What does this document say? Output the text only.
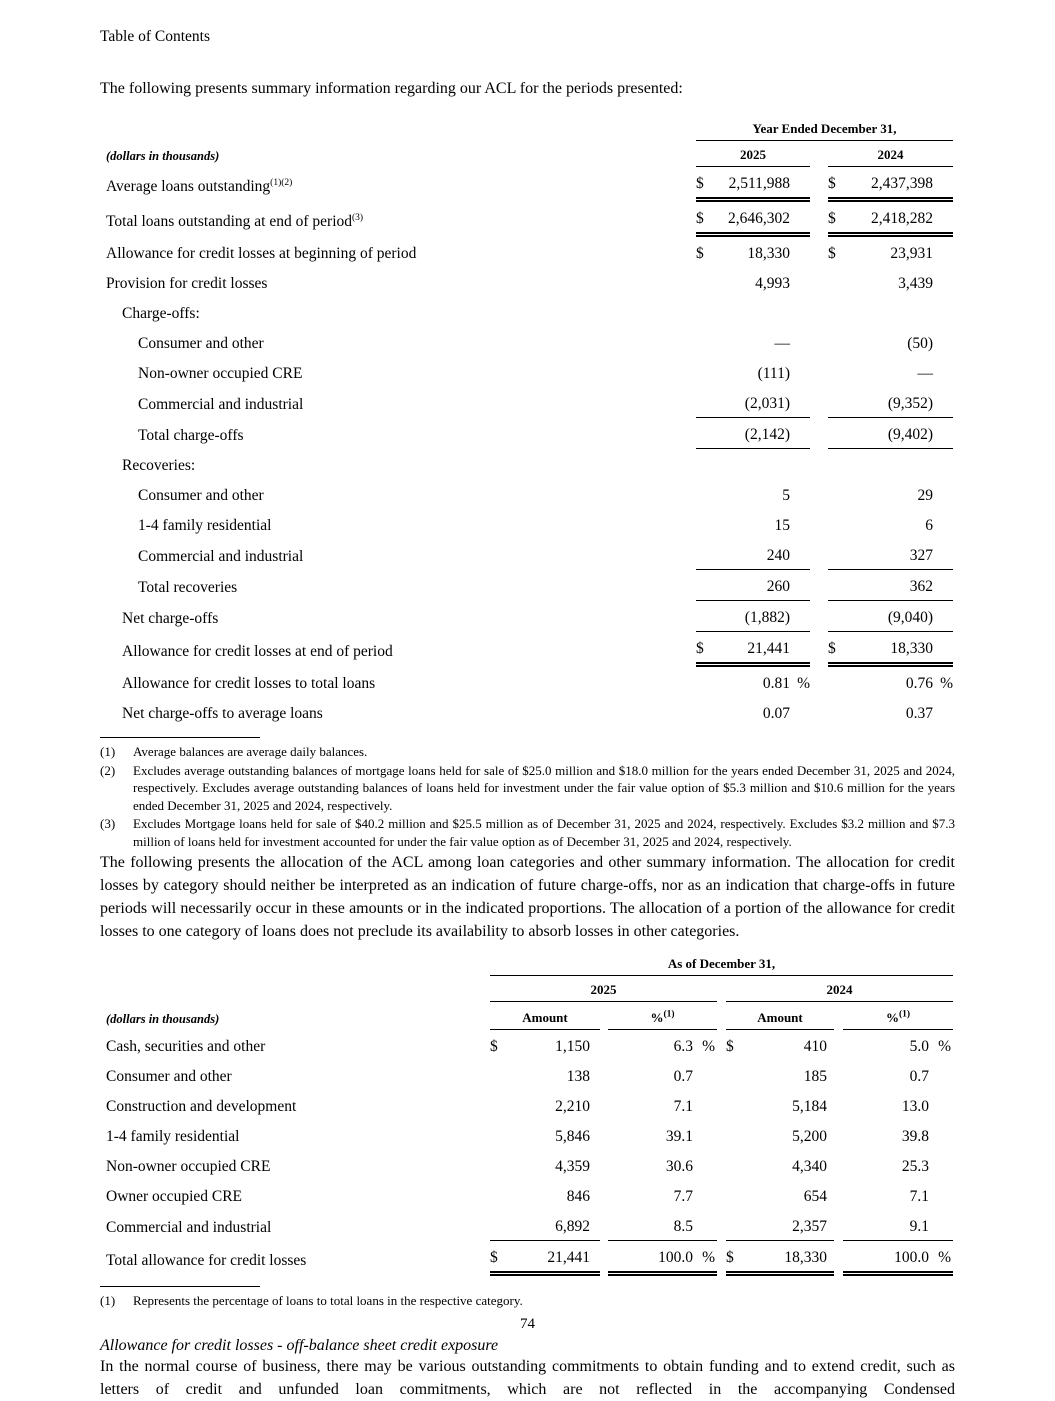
Table of Contents

The following presents summary information regarding our ACL for the periods presented:

	Year Ended December 31,				
(dollars in thousands)	2025			2024	
Average loans outstanding$^{(1)(2)}$	$	2,511,988		$	2,437,398
Total loans outstanding at end of period$^{(3)}$	$	2,646,302		$	2,418,282
Allowance for credit losses at beginning of period	$	18,330		$	23,931
Provision for credit losses		4,993			3,439
Charge-offs:					
Consumer and other		—			(50)
Non-owner occupied CRE		(111)			—
Commercial and industrial		(2,031)			(9,352)
Total charge-offs		(2,142)			(9,402)
Recoveries:					
Consumer and other		5			29
1-4 family residential		15			6
Commercial and industrial		240			327
Total recoveries		260			362
Net charge-offs		(1,882)			(9,040)
Allowance for credit losses at end of period	$	21,441		$	18,330
Allowance for credit losses to total loans		0.81 %			0.76 %
Net charge-offs to average loans		0.07			0.37
(1)	Average balances are average daily balances.
(2)	Excludes average outstanding balances of mortgage loans held for sale of $25.0 million and $18.0 million for the years ended December 31, 2025 and 2024, respectively. Excludes average outstanding balances of loans held for investment under the fair value option of $5.3 million and $10.6 million for the years ended December 31, 2025 and 2024, respectively.
(3)	Excludes Mortgage loans held for sale of $40.2 million and $25.5 million as of December 31, 2025 and 2024, respectively. Excludes $3.2 million and $7.3 million of loans held for investment accounted for under the fair value option as of December 31, 2025 and 2024, respectively.

The following presents the allocation of the ACL among loan categories and other summary information. The allocation for credit losses by category should neither be interpreted as an indication of future charge-offs, nor as an indication that charge-offs in future periods will necessarily occur in these amounts or in the indicated proportions. The allocation of a portion of the allowance for credit losses to one category of loans does not preclude its availability to absorb losses in other categories.

	As of December 31,								
	2025					2024			
(dollars in thousands)	Amount			%$^{(1)}$		Amount			%$^{(1)}$
Cash, securities and other	$	1,150		6.3 %		$	410		5.0 %
Consumer and other		138		0.7			185		0.7
Construction and development		2,210		7.1			5,184		13.0
1-4 family residential		5,846		39.1			5,200		39.8
Non-owner occupied CRE		4,359		30.6			4,340		25.3
Owner occupied CRE		846		7.7			654		7.1
Commercial and industrial		6,892		8.5			2,357		9.1
Total allowance for credit losses	$	21,441		100.0 %		$	18,330		100.0 %
(1)	Represents the percentage of loans to total loans in the respective category.

Allowance for credit losses - off-balance sheet credit exposure

In the normal course of business, there may be various outstanding commitments to obtain funding and to extend credit, such as letters of credit and unfunded loan commitments, which are not reflected in the accompanying Condensed

74
